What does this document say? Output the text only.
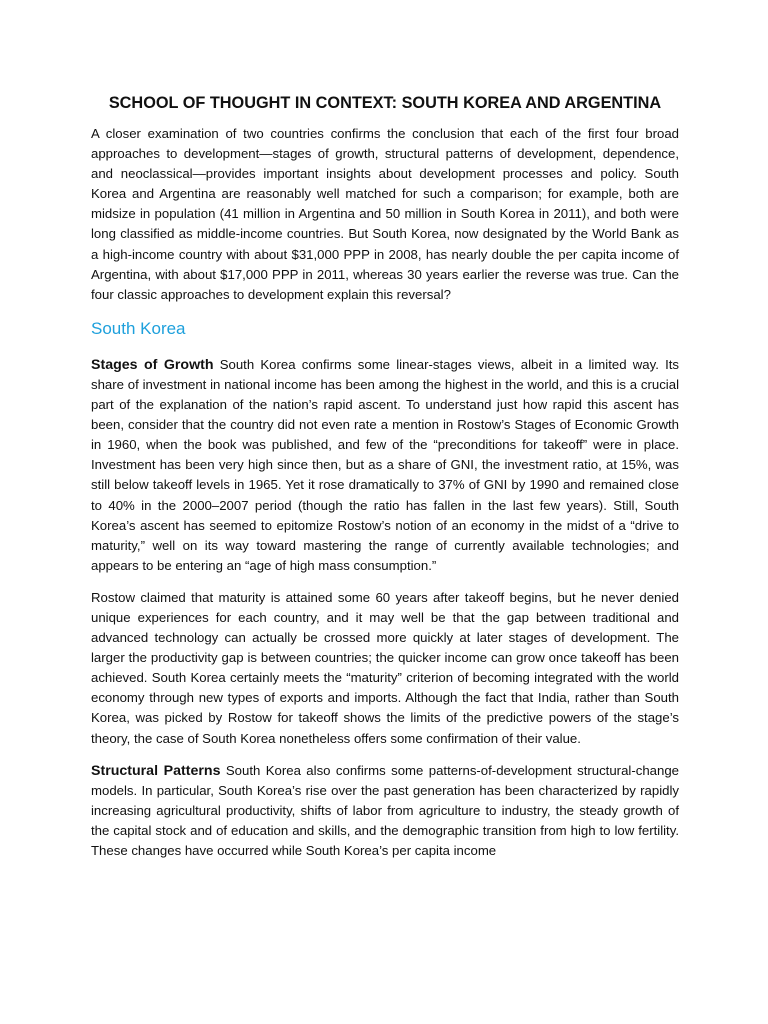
SCHOOL OF THOUGHT IN CONTEXT: SOUTH KOREA AND ARGENTINA

A closer examination of two countries confirms the conclusion that each of the first four broad approaches to development—stages of growth, structural patterns of development, dependence, and neoclassical—provides important insights about development processes and policy. South Korea and Argentina are reasonably well matched for such a comparison; for example, both are midsize in population (41 million in Argentina and 50 million in South Korea in 2011), and both were long classified as middle-income countries. But South Korea, now designated by the World Bank as a high-income country with about $31,000 PPP in 2008, has nearly double the per capita income of Argentina, with about $17,000 PPP in 2011, whereas 30 years earlier the reverse was true. Can the four classic approaches to development explain this reversal?

South Korea

Stages of Growth South Korea confirms some linear-stages views, albeit in a limited way. Its share of investment in national income has been among the highest in the world, and this is a crucial part of the explanation of the nation’s rapid ascent. To understand just how rapid this ascent has been, consider that the country did not even rate a mention in Rostow’s Stages of Economic Growth in 1960, when the book was published, and few of the “preconditions for takeoff” were in place. Investment has been very high since then, but as a share of GNI, the investment ratio, at 15%, was still below takeoff levels in 1965. Yet it rose dramatically to 37% of GNI by 1990 and remained close to 40% in the 2000–2007 period (though the ratio has fallen in the last few years). Still, South Korea’s ascent has seemed to epitomize Rostow’s notion of an economy in the midst of a “drive to maturity,” well on its way toward mastering the range of currently available technologies; and appears to be entering an “age of high mass consumption.”

Rostow claimed that maturity is attained some 60 years after takeoff begins, but he never denied unique experiences for each country, and it may well be that the gap between traditional and advanced technology can actually be crossed more quickly at later stages of development. The larger the productivity gap is between countries; the quicker income can grow once takeoff has been achieved. South Korea certainly meets the “maturity” criterion of becoming integrated with the world economy through new types of exports and imports. Although the fact that India, rather than South Korea, was picked by Rostow for takeoff shows the limits of the predictive powers of the stage’s theory, the case of South Korea nonetheless offers some confirmation of their value.

Structural Patterns South Korea also confirms some patterns-of-development structural-change models. In particular, South Korea’s rise over the past generation has been characterized by rapidly increasing agricultural productivity, shifts of labor from agriculture to industry, the steady growth of the capital stock and of education and skills, and the demographic transition from high to low fertility. These changes have occurred while South Korea’s per capita income
